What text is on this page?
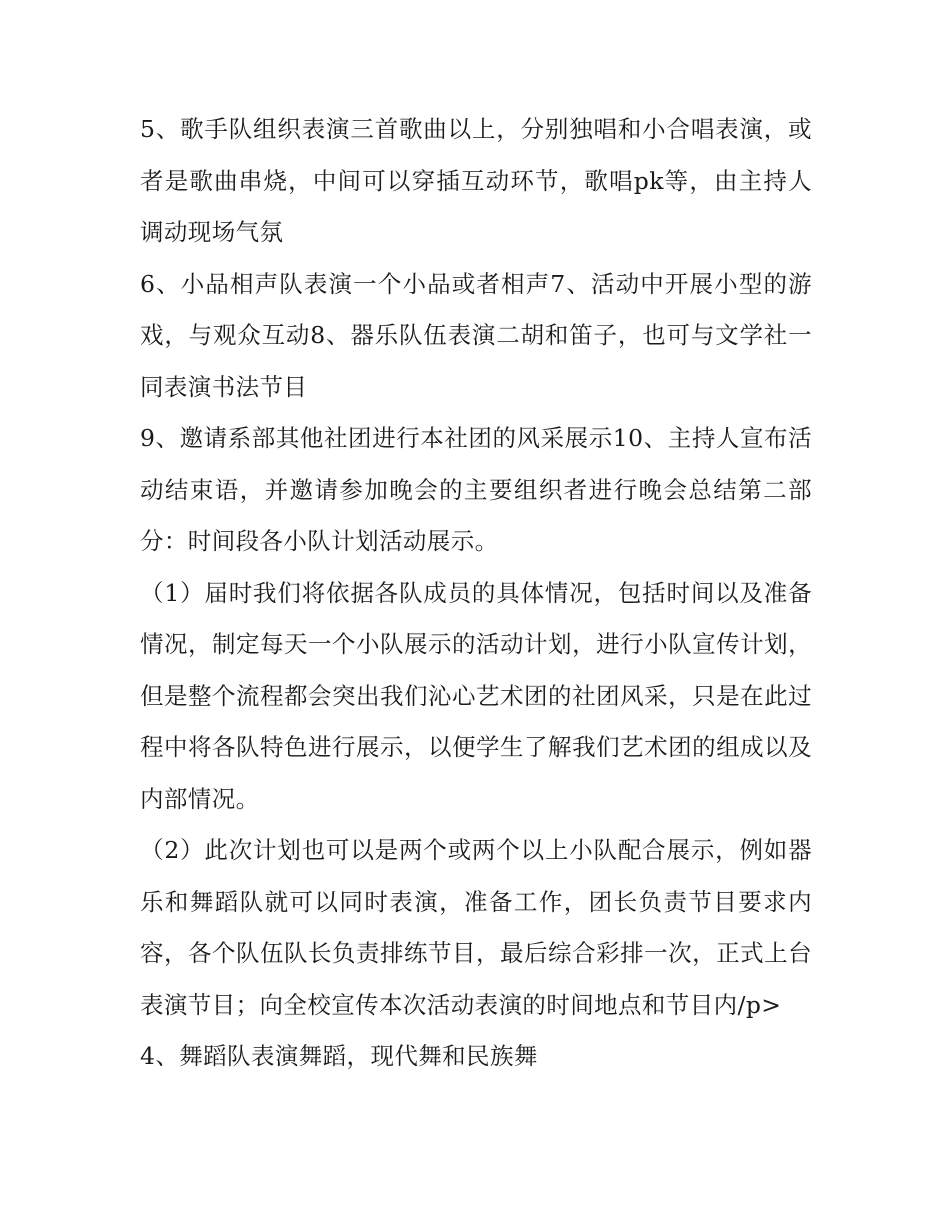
5、歌手队组织表演三首歌曲以上，分别独唱和小合唱表演，或者是歌曲串烧，中间可以穿插互动环节，歌唱pk等，由主持人调动现场气氛

6、小品相声队表演一个小品或者相声7、活动中开展小型的游戏，与观众互动8、器乐队伍表演二胡和笛子，也可与文学社一同表演书法节目

9、邀请系部其他社团进行本社团的风采展示10、主持人宣布活动结束语，并邀请参加晚会的主要组织者进行晚会总结第二部分：时间段各小队计划活动展示。

（1）届时我们将依据各队成员的具体情况，包括时间以及准备情况，制定每天一个小队展示的活动计划，进行小队宣传计划，但是整个流程都会突出我们沁心艺术团的社团风采，只是在此过程中将各队特色进行展示，以便学生了解我们艺术团的组成以及内部情况。

（2）此次计划也可以是两个或两个以上小队配合展示，例如器乐和舞蹈队就可以同时表演，准备工作，团长负责节目要求内容，各个队伍队长负责排练节目，最后综合彩排一次，正式上台表演节目；向全校宣传本次活动表演的时间地点和节目内/p>

4、舞蹈队表演舞蹈，现代舞和民族舞
